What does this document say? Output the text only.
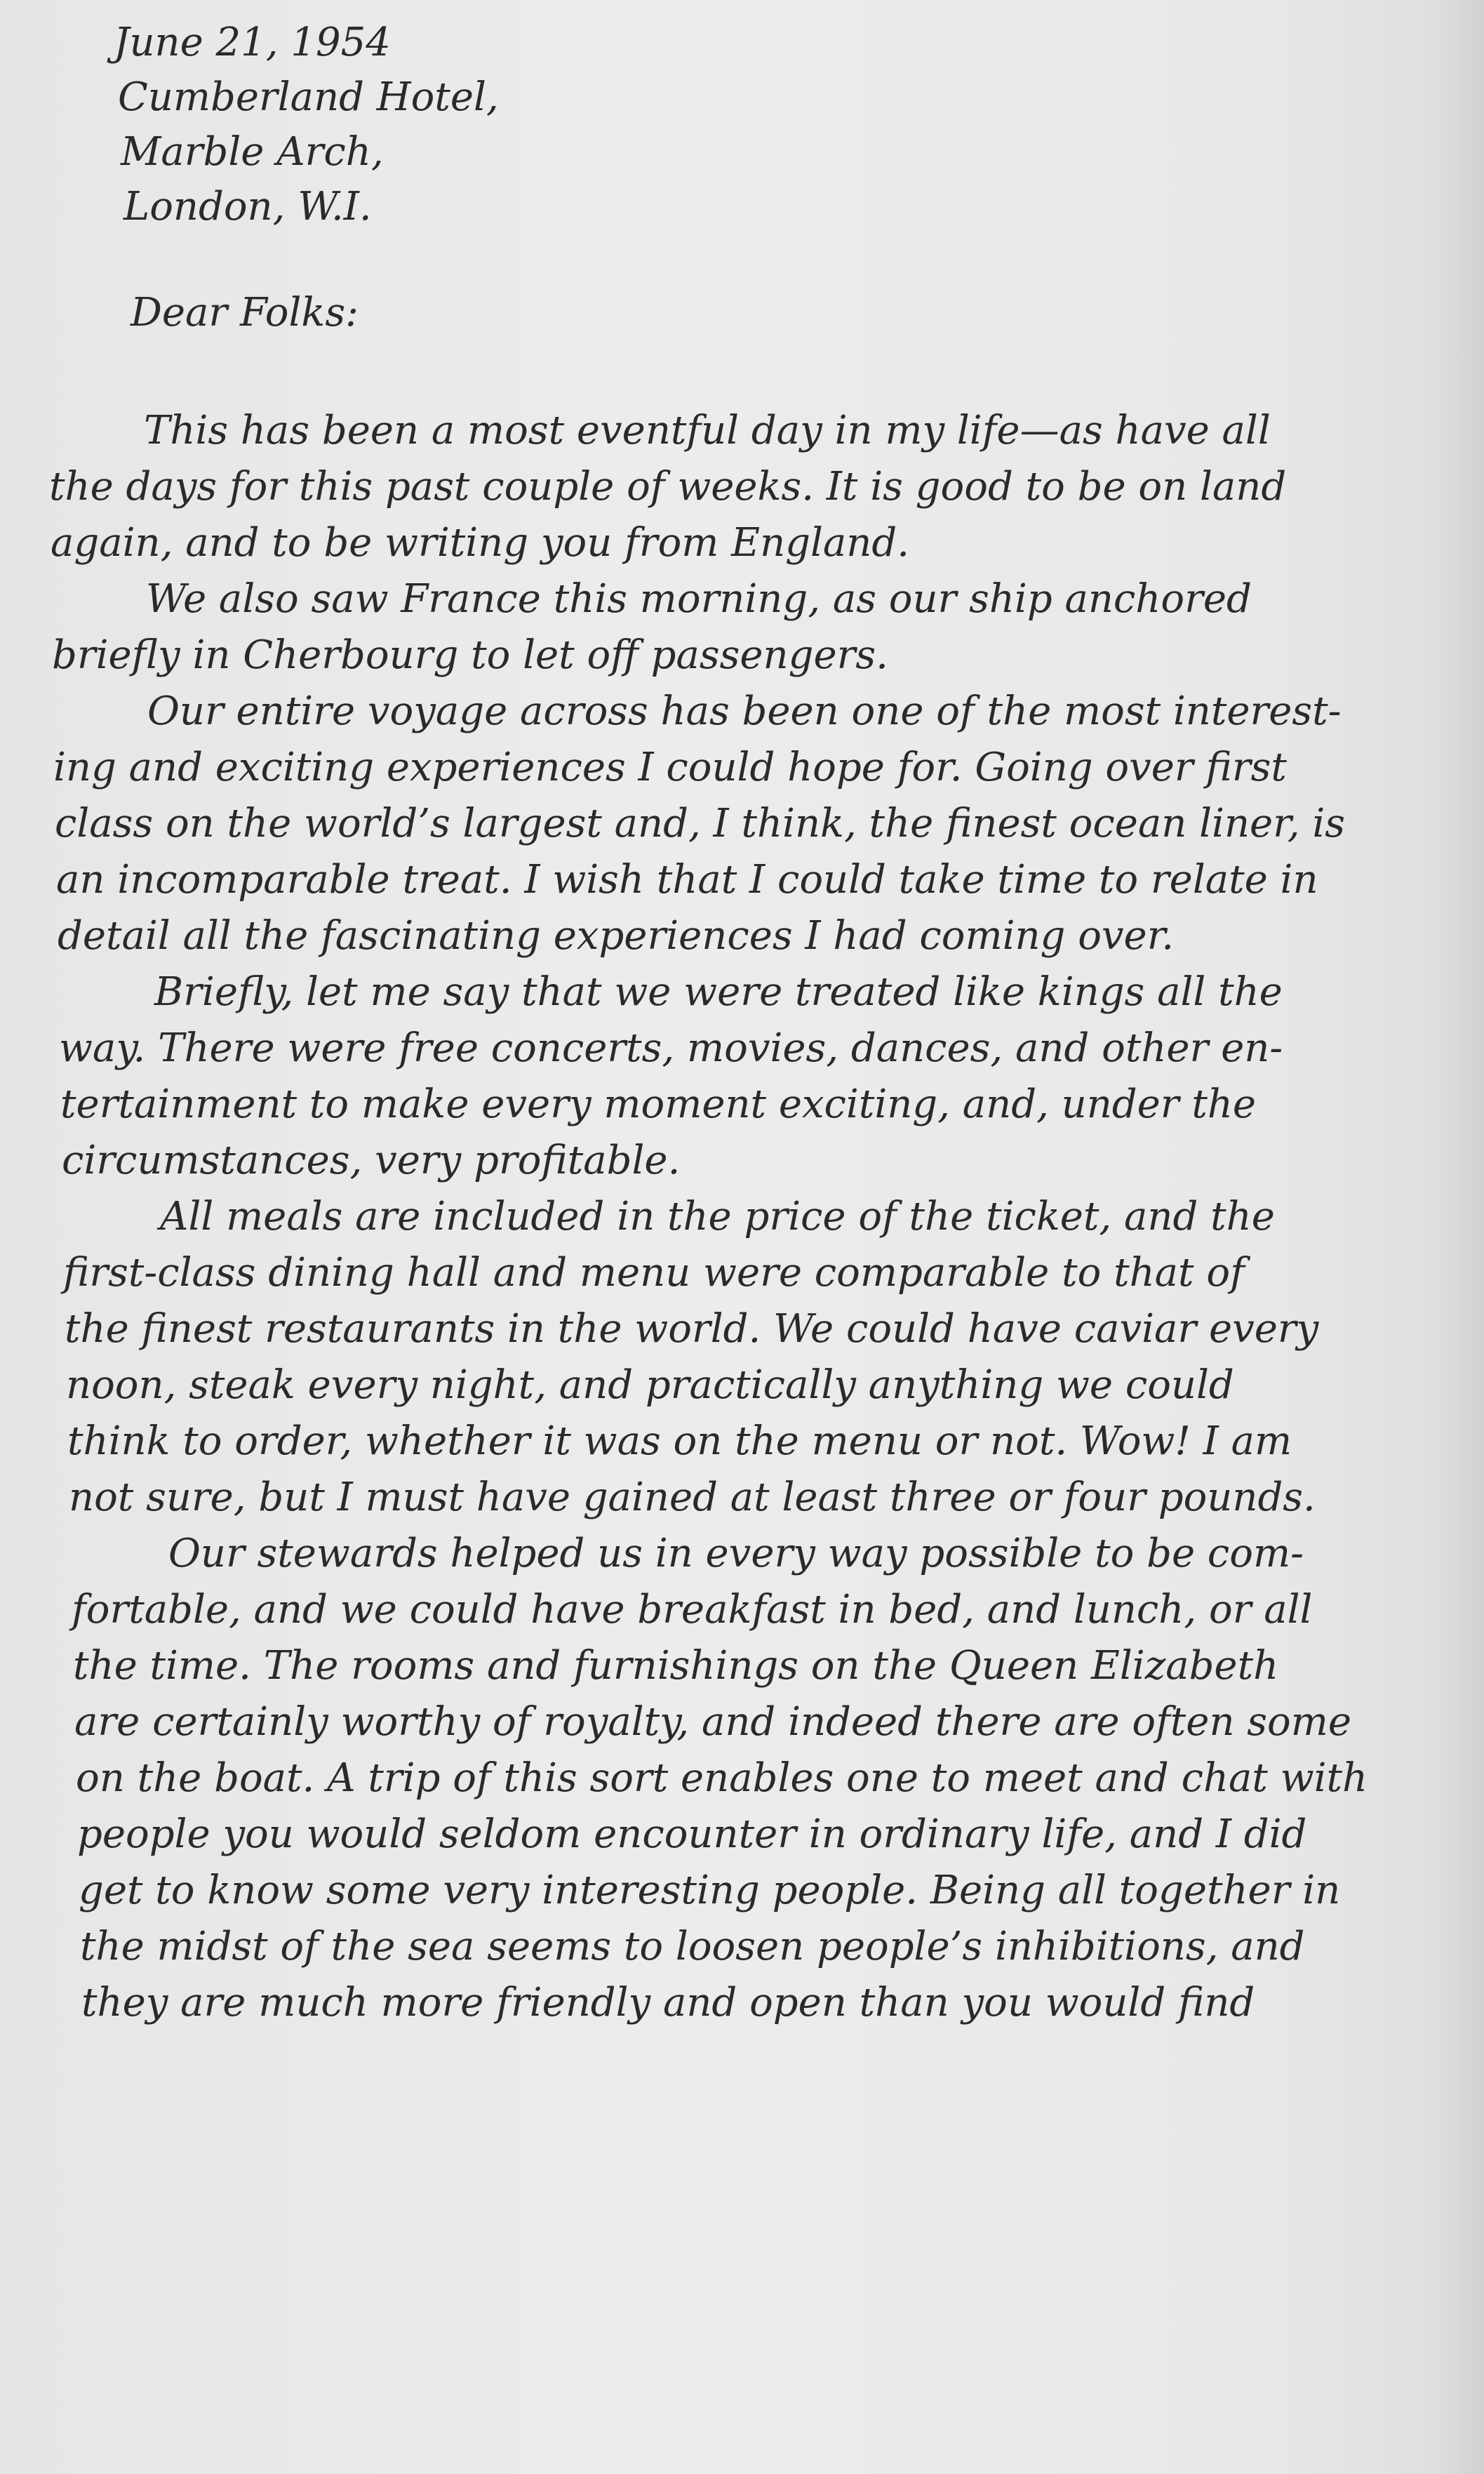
June 21, 1954
Cumberland Hotel,
Marble Arch,
London, W.I.
Dear Folks:
This has been a most eventful day in my life—as have all
the days for this past couple of weeks. It is good to be on land
again, and to be writing you from England.
We also saw France this morning, as our ship anchored
briefly in Cherbourg to let off passengers.
Our entire voyage across has been one of the most interest-
ing and exciting experiences I could hope for. Going over first
class on the world’s largest and, I think, the finest ocean liner, is
an incomparable treat. I wish that I could take time to relate in
detail all the fascinating experiences I had coming over.
Briefly, let me say that we were treated like kings all the
way. There were free concerts, movies, dances, and other en-
tertainment to make every moment exciting, and, under the
circumstances, very profitable.
All meals are included in the price of the ticket, and the
first-class dining hall and menu were comparable to that of
the finest restaurants in the world. We could have caviar every
noon, steak every night, and practically anything we could
think to order, whether it was on the menu or not. Wow! I am
not sure, but I must have gained at least three or four pounds.
Our stewards helped us in every way possible to be com-
fortable, and we could have breakfast in bed, and lunch, or all
the time. The rooms and furnishings on the Queen Elizabeth
are certainly worthy of royalty, and indeed there are often some
on the boat. A trip of this sort enables one to meet and chat with
people you would seldom encounter in ordinary life, and I did
get to know some very interesting people. Being all together in
the midst of the sea seems to loosen people’s inhibitions, and
they are much more friendly and open than you would find
